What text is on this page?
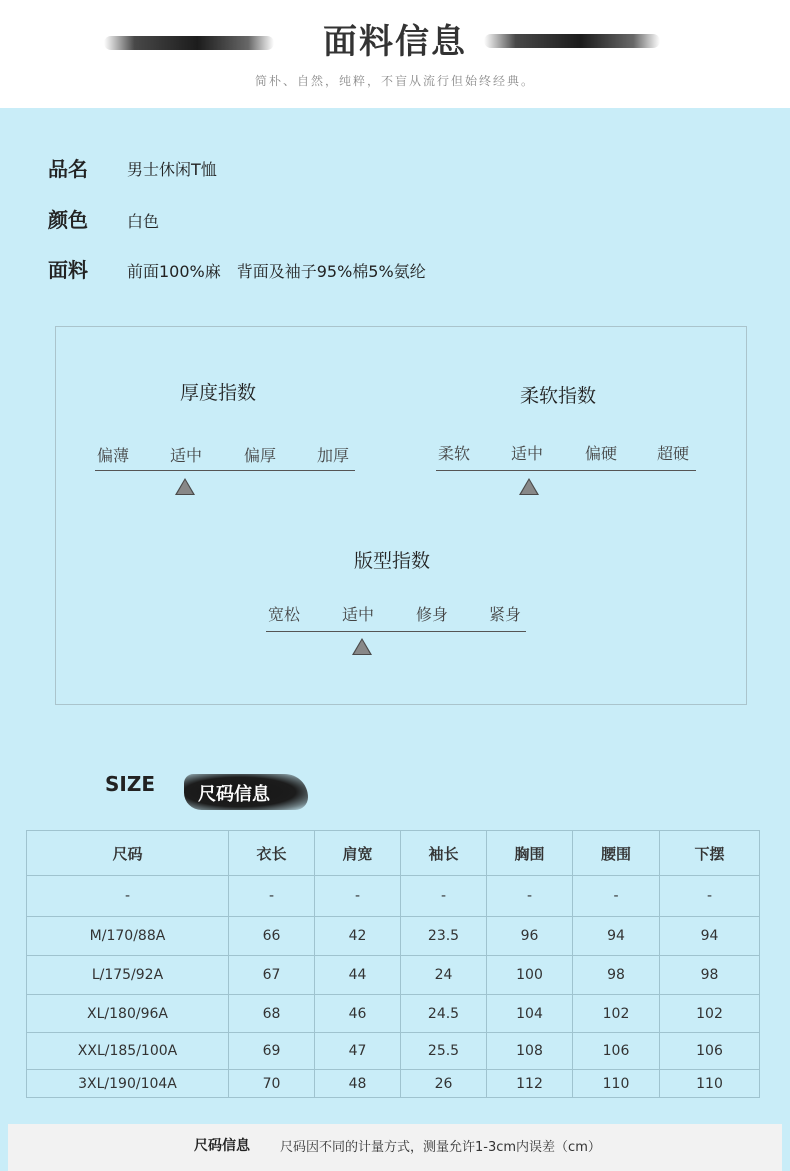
面料信息
简朴、自然，纯粹，不盲从流行但始终经典。
品名 男士休闲T恤
颜色 白色
面料 前面100%麻　背面及袖子95%棉5%氨纶
厚度指数
偏薄	适中	偏厚	加厚
柔软指数
柔软	适中	偏硬 超硬
版型指数
宽松	适中	修身	紧身
SIZE 尺码信息
尺码	衣长	肩宽	袖长	胸围	腰围	下摆
-	-	-	-	-	-	-
M/170/88A	66	42	23.5	96	94	94
L/175/92A	67	44	24	100	98	98
XL/180/96A	68	46	24.5	104	102	102
XXL/185/100A	69	47	25.5	108	106	106
3XL/190/104A	70	48	26	112	110	110
尺码信息 尺码因不同的计量方式，测量允许1-3cm内误差（cm）
